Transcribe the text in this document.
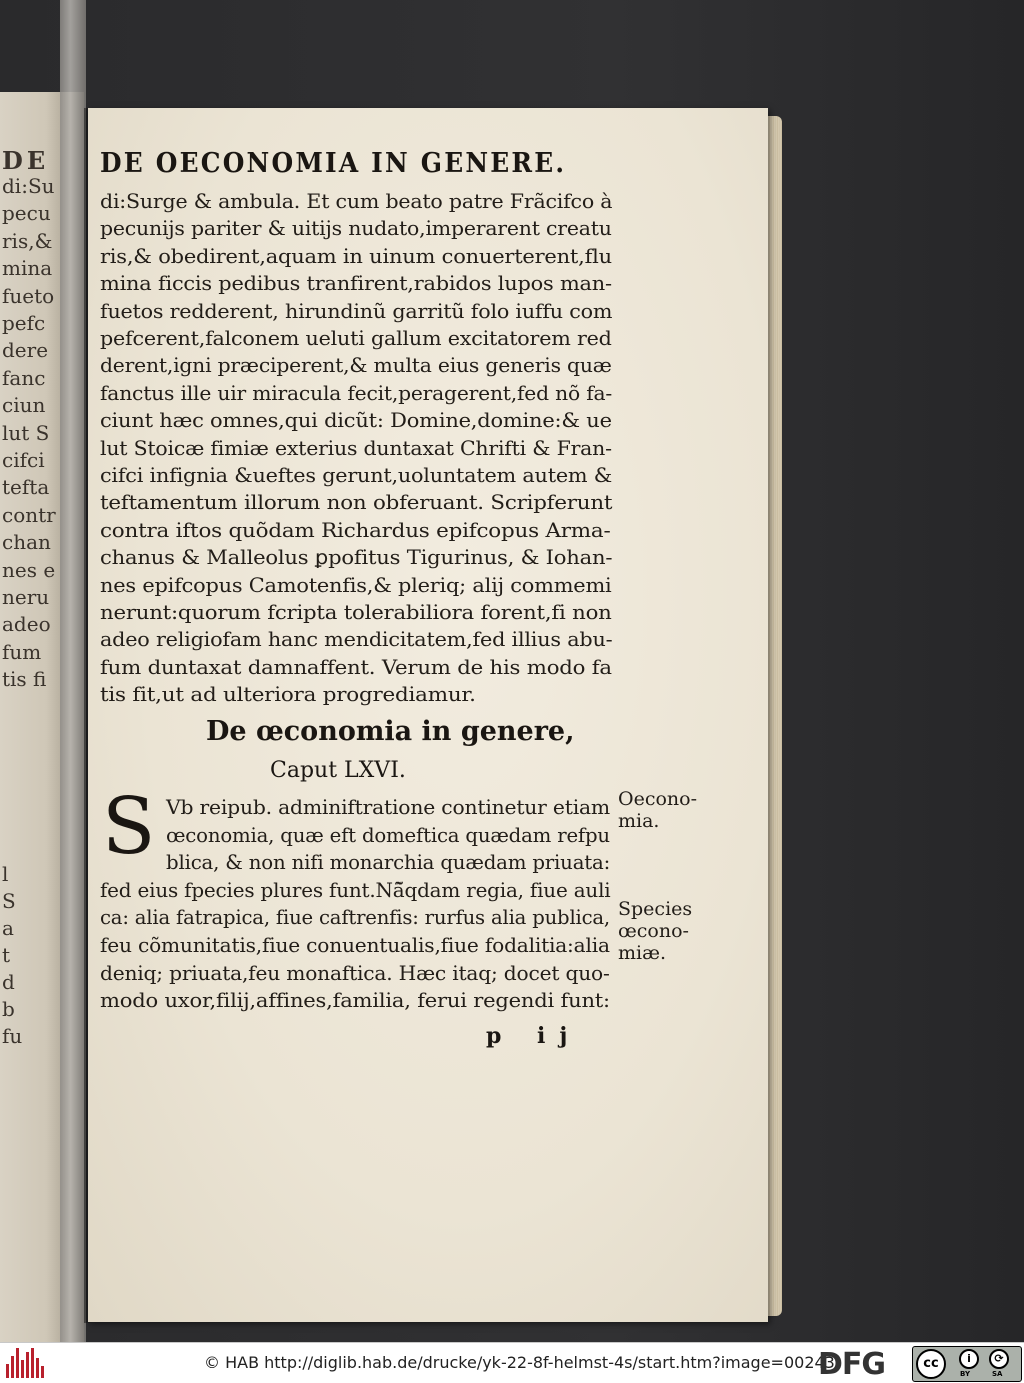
DE
di:Su
pecu
ris,&
mina
fueto
pefc
dere
fanc
ciun
lut S
cifci
tefta
contr
chan
nes e
neru
adeo
fum
tis fi
l
S
a
t
d
b
fu
DE OECONOMIA IN GENERE.
di:Surge & ambula. Et cum beato patre Frãcifco à
pecunijs pariter & uitijs nudato,imperarent creatu
ris,& obedirent,aquam in uinum conuerterent,flu
mina ficcis pedibus tranfirent,rabidos lupos man-
fuetos redderent, hirundinũ garritũ folo iuffu com
pefcerent,falconem ueluti gallum excitatorem red
derent,igni præciperent,& multa eius generis quæ
fanctus ille uir miracula fecit,peragerent,fed nõ fa-
ciunt hæc omnes,qui dicũt: Domine,domine:& ue
lut Stoicæ fimiæ exterius duntaxat Chrifti & Fran-
cifci infignia &ueftes gerunt,uoluntatem autem &
teftamentum illorum non obferuant. Scripferunt
contra iftos quõdam Richardus epifcopus Arma-
chanus & Malleolus ꝑpofitus Tigurinus, & Iohan-
nes epifcopus Camotenfis,& pleriq; alij commemi
nerunt:quorum fcripta tolerabiliora forent,fi non
adeo religiofam hanc mendicitatem,fed illius abu-
fum duntaxat damnaffent. Verum de his modo fa
tis fit,ut ad ulteriora progrediamur.
De œconomia in genere,
Caput LXVI.
S Vb reipub. adminiftratione continetur etiam
œconomia, quæ eft domeftica quædam refpu
blica, & non nifi monarchia quædam priuata:
fed eius fpecies plures funt.Nã̃qdam regia, fiue auli
ca: alia fatrapica, fiue caftrenfis: rurfus alia publica,
feu cõmunitatis,fiue conuentualis,fiue fodalitia:alia
deniq; priuata,feu monaftica. Hæc itaq; docet quo-
modo uxor,filij,affines,familia, ferui regendi funt:
Oecono-
mia.
Species
œcono-
miæ.
p ij
© HAB http://diglib.hab.de/drucke/yk-22-8f-helmst-4s/start.htm?image=00243
DFG	cc	i	⟳
BY	SA
